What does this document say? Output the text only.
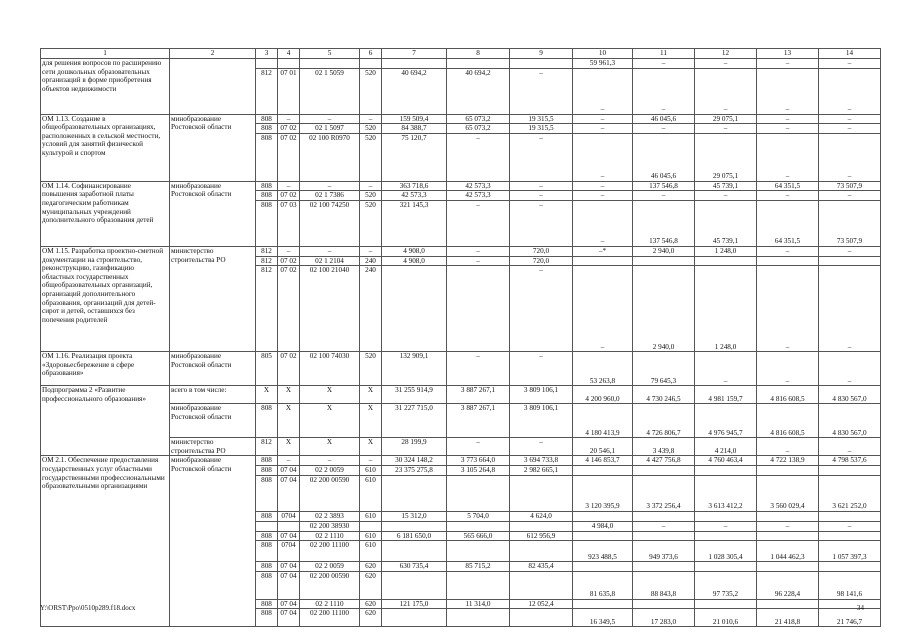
1	2	3	4	5	6	7	8	9	10	11	12	13	14
для решения вопросов по расширению сети дошкольных образовательных организаций в форме приобретения объектов недвижимости									59 961,3	–	–	–	–
		812	07 01	02 1 5059	520	40 694,2	40 694,2	–	–	–	–	–	–
ОМ 1.13. Создание в общеобразовательных организациях, расположенных в сельской местности, условий для занятий физической культурой и спортом	минобразование Ростовской области	808	–	–	–	159 509,4	65 073,2	19 315,5	–	46 045,6	29 075,1	–	–
		808	07 02	02 1 5097	520	84 388,7	65 073,2	19 315,5	–	–	–	–	–
		808	07 02	02 100 R0970	520	75 120,7	–	–	–	46 045,6	29 075,1	–	–
ОМ 1.14. Софинансирование повышения заработной платы педагогическим работникам муниципальных учреждений дополнительного образования детей	минобразование Ростовской области	808	–	–	–	363 718,6	42 573,3	–	–	137 546,8	45 739,1	64 351,5	73 507,9
		808	07 02	02 1 7386	520	42 573,3	42 573,3	–	–	–	–	–	–
		808	07 03	02 100 74250	520	321 145,3	–	–	–	137 546,8	45 739,1	64 351,5	73 507,9
ОМ 1.15. Разработка проектно-сметной документации на строительство, реконструкцию, газификацию областных государственных общеобразовательных организаций, организаций дополнительного образования, организаций для детей-сирот и детей, оставшихся без попечения родителей	министерство строительства РО	812	–	–	–	4 908,0	–	720,0	–*	2 940,0	1 248,0	–	–
		812	07 02	02 1 2104	240	4 908,0	–	720,0					
		812	07 02	02 100 21040	240			–	–	2 940,0	1 248,0	–	–
ОМ 1.16. Реализация проекта «Здоровьесбережение в сфере образования»	минобразование Ростовской области	805	07 02	02 100 74030	520	132 909,1	–	–	53 263,8	79 645,3	–	–	–
Подпрограмма 2 «Развитие профессионального образования»	всего в том числе:	X	X	X	X	31 255 914,9	3 887 267,1	3 809 106,1	4 200 960,0	4 730 246,5	4 981 159,7	4 816 608,5	4 830 567,0
	минобразование Ростовской области	808	X	X	X	31 227 715,0	3 887 267,1	3 809 106,1	4 180 413,9	4 726 806,7	4 976 945,7	4 816 608,5	4 830 567,0
	министерство строительства РО	812	X	X	X	28 199,9	–	–	20 546,1	3 439,8	4 214,0	–	–
ОМ 2.1. Обеспечение предоставления государственных услуг областными государственными профессиональными образовательными организациями	минобразование Ростовской области	808	–	–	–	30 324 148,2	3 773 664,0	3 694 733,8	4 146 853,7	4 427 756,8	4 760 463,4	4 722 138,9	4 798 537,6
		808	07 04	02 2 0059	610	23 375 275,8	3 105 264,8	2 982 665,1					
		808	07 04	02 200 00590	610				3 120 395,9	3 372 256,4	3 613 412,2	3 560 029,4	3 621 252,0
		808	0704	02 2 3893	610	15 312,0	5 704,0	4 624,0					
				02 200 38930					4 984,0	–	–	–	–
		808	07 04	02 2 1110	610	6 181 650,0	565 666,0	612 956,9					
		808	0704	02 200 11100	610				923 488,5	949 373,6	1 028 305,4	1 044 462,3	1 057 397,3
		808	07 04	02 2 0059	620	630 735,4	85 715,2	82 435,4					
		808	07 04	02 200 00590	620				81 635,8	88 843,8	97 735,2	96 228,4	98 141,6
		808	07 04	02 2 1110	620	121 175,0	11 314,0	12 052,4					
		808	07 04	02 200 11100	620				16 349,5	17 283,0	21 010,6	21 418,8	21 746,7
Y:\ORST\Ppo\0510p289.f18.docx	34
